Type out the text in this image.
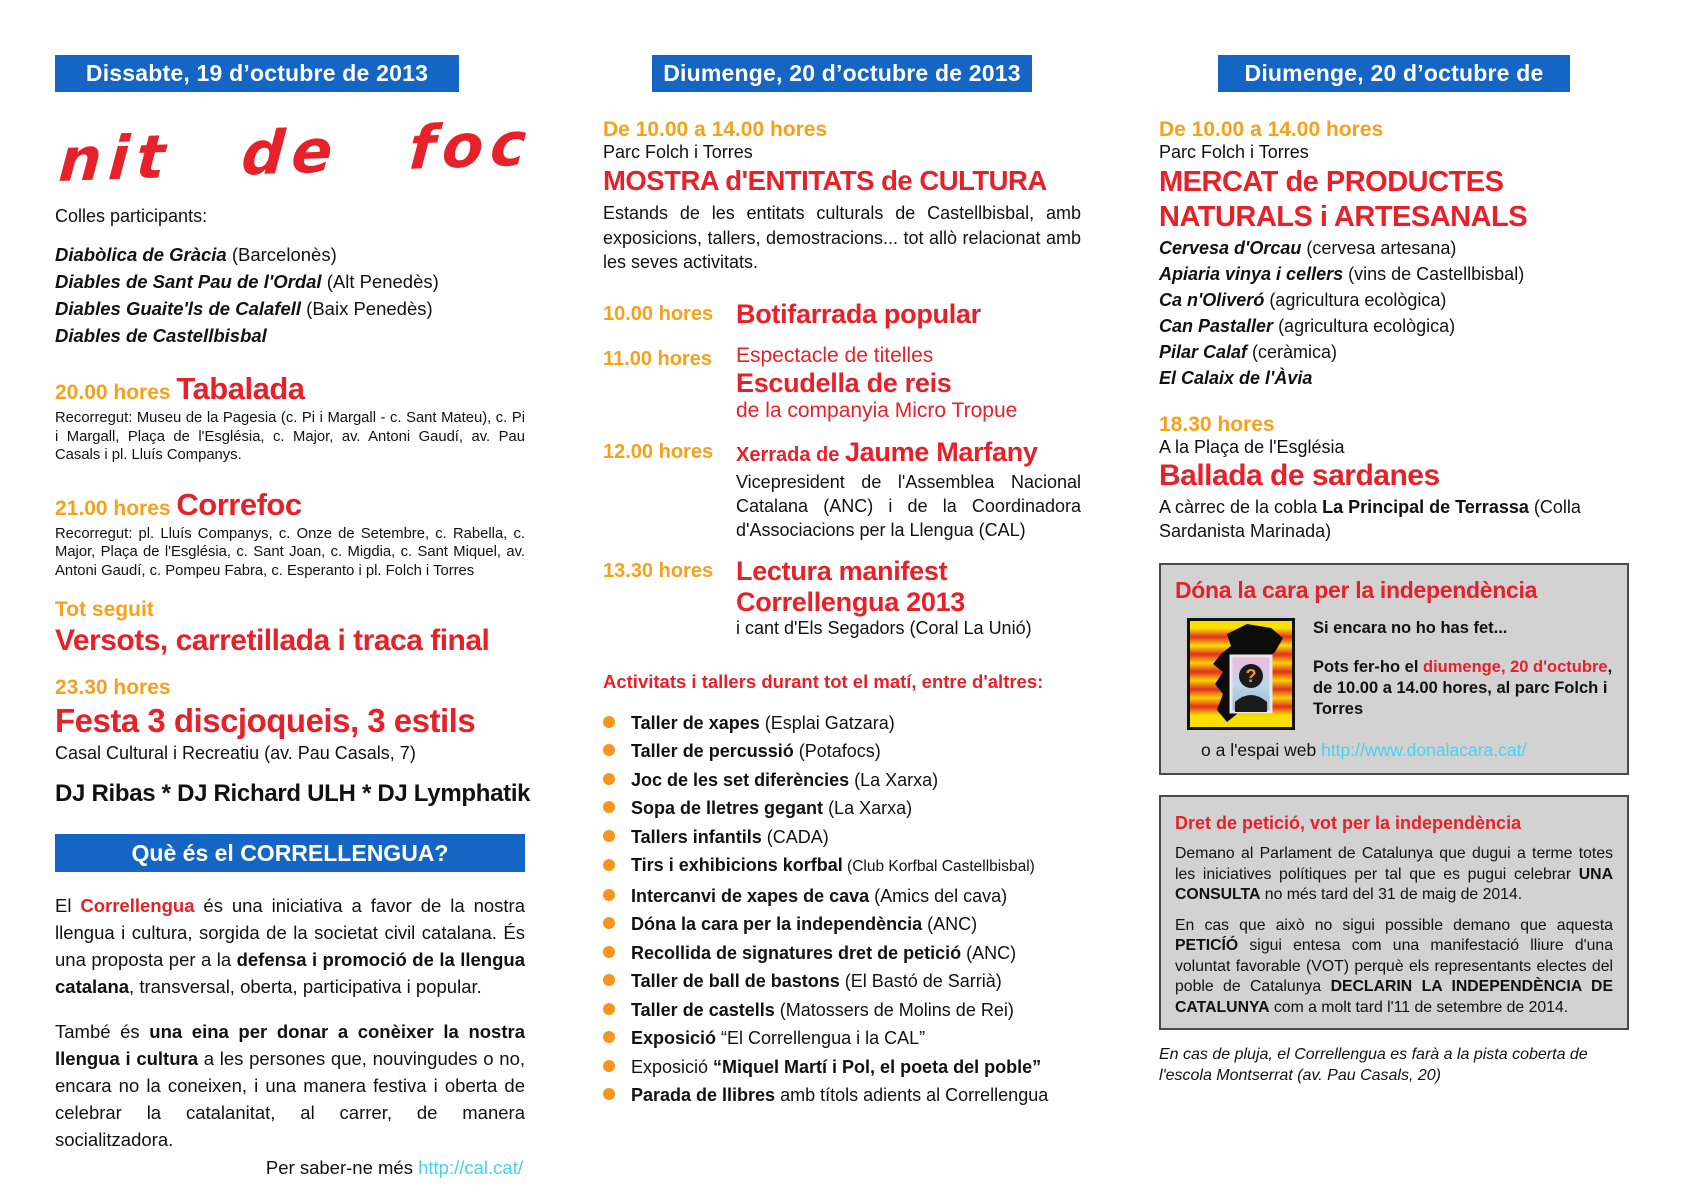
Dissabte, 19 d’octubre de 2013
nit de foc
Colles participants:
Diabòlica de Gràcia (Barcelonès)
Diables de Sant Pau de l'Ordal (Alt Penedès)
Diables Guaite'ls de Calafell (Baix Penedès)
Diables de Castellbisbal
20.00 hores Tabalada
Recorregut: Museu de la Pagesia (c. Pi i Margall - c. Sant Mateu), c. Pi i Margall, Plaça de l'Església, c. Major, av. Antoni Gaudí, av. Pau Casals i pl. Lluís Companys.
21.00 hores Correfoc
Recorregut: pl. Lluís Companys, c. Onze de Setembre, c. Rabella, c. Major, Plaça de l'Església, c. Sant Joan, c. Migdia, c. Sant Miquel, av. Antoni Gaudí, c. Pompeu Fabra, c. Esperanto i pl. Folch i Torres
Tot seguit
Versots, carretillada i traca final
23.30 hores
Festa 3 discjoqueis, 3 estils
Casal Cultural i Recreatiu (av. Pau Casals, 7)
DJ Ribas * DJ Richard ULH * DJ Lymphatik
Què és el CORRELLENGUA?
El Correllengua és una iniciativa a favor de la nostra llengua i cultura, sorgida de la societat civil catalana. És una proposta per a la defensa i promoció de la llengua catalana, transversal, oberta, participativa i popular.
També és una eina per donar a conèixer la nostra llengua i cultura a les persones que, nouvingudes o no, encara no la coneixen, i una manera festiva i oberta de celebrar la catalanitat, al carrer, de manera socialitzadora.
Per saber-ne més http://cal.cat/
Diumenge, 20 d’octubre de 2013
De 10.00 a 14.00 hores
Parc Folch i Torres
MOSTRA d'ENTITATS de CULTURA
Estands de les entitats culturals de Castellbisbal, amb exposicions, tallers, demostracions... tot allò relacionat amb les seves activitats.
10.00 hores Botifarrada popular
11.00 hores	Espectacle de titelles
Escudella de reis
de la companyia Micro Tropue
12.00 hores	Xerrada de Jaume Marfany
Vicepresident de l'Assemblea Nacional Catalana (ANC) i de la Coordinadora d'Associacions per la Llengua (CAL)
13.30 hores Lectura manifest
Correllengua 2013
i cant d'Els Segadors (Coral La Unió)
Activitats i tallers durant tot el matí, entre d'altres:
Taller de xapes (Esplai Gatzara)
Taller de percussió (Potafocs)
Joc de les set diferències (La Xarxa)
Sopa de lletres gegant (La Xarxa)
Tallers infantils (CADA)
Tirs i exhibicions korfbal (Club Korfbal Castellbisbal)
Intercanvi de xapes de cava (Amics del cava)
Dóna la cara per la independència (ANC)
Recollida de signatures dret de petició (ANC)
Taller de ball de bastons (El Bastó de Sarrià)
Taller de castells (Matossers de Molins de Rei)
Exposició “El Correllengua i la CAL”
Exposició “Miquel Martí i Pol, el poeta del poble”
Parada de llibres amb títols adients al Correllengua
Diumenge, 20 d’octubre de 2013
De 10.00 a 14.00 hores
Parc Folch i Torres
MERCAT de PRODUCTES
NATURALS i ARTESANALS
Cervesa d'Orcau (cervesa artesana)
Apiaria vinya i cellers (vins de Castellbisbal)
Ca n'Oliveró (agricultura ecològica)
Can Pastaller (agricultura ecològica)
Pilar Calaf (ceràmica)
El Calaix de l'Àvia
18.30 hores
A la Plaça de l'Església
Ballada de sardanes
A càrrec de la cobla La Principal de Terrassa (Colla Sardanista Marinada)
Dóna la cara per la independència
?
Si encara no ho has fet...
Pots fer-ho el diumenge, 20 d'octubre, de 10.00 a 14.00 hores, al parc Folch i Torres
o a l'espai web http://www.donalacara.cat/
Dret de petició, vot per la independència
Demano al Parlament de Catalunya que dugui a terme totes les iniciatives polítiques per tal que es pugui celebrar UNA CONSULTA no més tard del 31 de maig de 2014.
En cas que això no sigui possible demano que aquesta PETICÍÓ sigui entesa com una manifestació lliure d'una voluntat favorable (VOT) perquè els representants electes del poble de Catalunya DECLARIN LA INDEPENDÈNCIA DE CATALUNYA com a molt tard l'11 de setembre de 2014.
En cas de pluja, el Correllengua es farà a la pista coberta de l'escola Montserrat (av. Pau Casals, 20)
